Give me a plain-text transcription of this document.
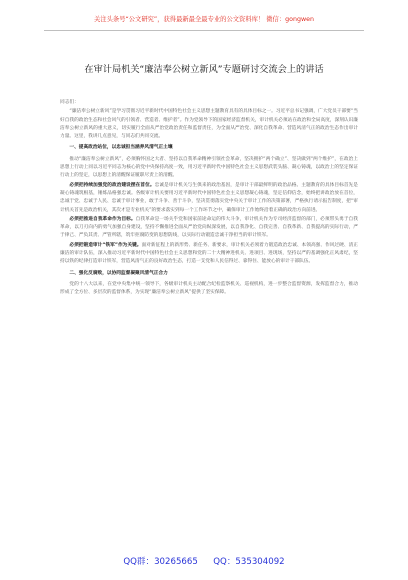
关注头条号“公文研究”，获得最新最全最专业的公文资料库！ 微信：gongwen
在审计局机关“廉洁奉公树立新风”专题研讨交流会上的讲话

同志们：

“廉洁奉公树立新风”是学习贯彻习近平新时代中国特色社会主义思想主题教育具有的具体目标之一。习近平总书记强调，广大党员干部要“当好自我的政治生态和社会风气的引领者、营造者、维护者”。作为党领导下的国家经济监督机关，审计机关必须站在政治和全局高度，深刻认识廉洁奉公树立新风的重大意义，切实履行全面从严治党政治责任和监督责任，为全面从严治党、深化自我革命、营造风清气正的政治生态作出审计力量。这里，我讲几点意见，与同志们共同交流。

一、提高政治站位，以忠诚担当涵养风清气正土壤

推动“廉洁奉公树立新风”，必须胸怀国之大者、坚持以自我革命精神引领社会革命，坚决拥护“两个确立”、坚决做到“两个维护”，在政治上思想上行动上同以习近平同志为核心的党中央保持高度一致，用习近平新时代中国特色社会主义思想武装头脑、凝心铸魂，以政治上的坚定保证行动上的坚定，以思想上的清醒保证履职尽责上的清醒。

必须把持续加强党的政治建设摆在首位。忠诚是审计机关与生俱来的政治基因，是审计干部最鲜明的政治品格。主题教育的具体目标首先是凝心铸魂筑根基，锤炼品格强忠诚。各级审计机关要用习近平新时代中国特色社会主义思想凝心铸魂，坚定信仰信念，始终把讲政治放在首位，忠诚于党、忠诚于人民、忠诚于审计事业，敢于斗争、善于斗争，坚决贯彻落实党中央关于审计工作的决策部署，严格执行请示报告制度，把“审计机关首先是政治机关，其次才是专业机关”的要求落实到每一个工作环节之中，确保审计工作始终沿着正确的政治方向前进。

必须把推进自我革命作为目标。自我革命是一场关乎党和国家前途命运的伟大斗争，审计机关作为专司经济监督的部门，必须带头勇于自我革命，以刀刃向内的勇气加强自身建设，坚持不懈推进全面从严治党向纵深发展，以自我净化、自我完善、自我革新、自我提高的实际行动，严于律己、严负其责、严管所辖，筑牢拒腐防变的思想防线，以实际行动锻造忠诚干净担当的审计铁军。

必须把锻造审计“铁军”作为关键。面对新征程上的新形势、新任务、新要求，审计机关必须着力锻造政治忠诚、本领高强、作风过硬、清正廉洁的审计队伍，深入推动习近平新时代中国特色社会主义思想和党的二十大精神进机关、进项目、进现场，坚持以严的基调强化正风肃纪，坚持以铁的纪律打造审计铁军，营造风清气正的良好政治生态，打造一支党和人民信得过、靠得住、能放心的审计干部队伍。

二、强化反腐败，以协同监督凝聚风清气正合力

党的十八大以来，在党中央集中统一领导下，各级审计机关主动配合纪检监察机关、巡视机构，进一步整合监督资源，发挥监督合力，推动形成了全方位、多层次的监督体系，为实现“廉洁奉公树立新风”提供了坚实保障。

QQ群：30265665 QQ：535304092
